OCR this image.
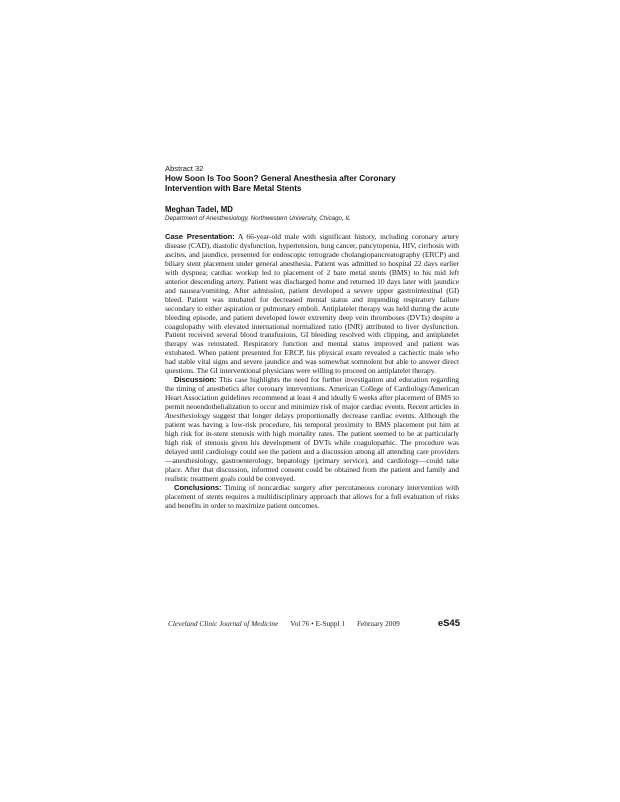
Abstract 32
How Soon Is Too Soon? General Anesthesia after Coronary
Intervention with Bare Metal Stents
Meghan Tadel, MD
Department of Anesthesiology, Northwestern University, Chicago, IL

Case Presentation: A 66-year-old male with significant history, including coronary artery disease (CAD), diastolic dysfunction, hypertension, lung cancer, pancytopenia, HIV, cirrhosis with ascites, and jaundice, presented for endoscopic retrograde cholangiopancreatography (ERCP) and biliary stent placement under general anesthesia. Patient was admitted to hospital 22 days earlier with dyspnea; cardiac workup led to placement of 2 bare metal stents (BMS) to his mid left anterior descending artery. Patient was discharged home and returned 10 days later with jaundice and nausea/vomiting. After admission, patient developed a severe upper gastrointestinal (GI) bleed. Patient was intubated for decreased mental status and impending respiratory failure secondary to either aspiration or pulmonary emboli. Antiplatelet therapy was held during the acute bleeding episode, and patient developed lower extremity deep vein thromboses (DVTs) despite a coagulopathy with elevated international normalized ratio (INR) attributed to liver dysfunction. Patient received several blood transfusions, GI bleeding resolved with clipping, and antiplatelet therapy was reinstated. Respiratory function and mental status improved and patient was extubated. When patient presented for ERCP, his physical exam revealed a cachectic male who had stable vital signs and severe jaundice and was somewhat somnolent but able to answer direct questions. The GI interventional physicians were willing to proceed on antiplatelet therapy.

Discussion: This case highlights the need for further investigation and education regarding the timing of anesthetics after coronary interventions. American College of Cardiology/American Heart Association guidelines recommend at least 4 and ideally 6 weeks after placement of BMS to permit neoendothelialization to occur and minimize risk of major cardiac events. Recent articles in Anesthesiology suggest that longer delays proportionally decrease cardiac events. Although the patient was having a low-risk procedure, his temporal proximity to BMS placement put him at high risk for in-stent stenosis with high mortality rates. The patient seemed to be at particularly high risk of stenosis given his development of DVTs while coagulopathic. The procedure was delayed until cardiology could see the patient and a discussion among all attending care providers—anesthesiology, gastroenterology, hepatology (primary service), and cardiology—could take place. After that discussion, informed consent could be obtained from the patient and family and realistic treatment goals could be conveyed.

Conclusions: Timing of noncardiac surgery after percutaneous coronary intervention with placement of stents requires a multidisciplinary approach that allows for a full evaluation of risks and benefits in order to maximize patient outcomes.

Cleveland Clinic Journal of Medicine Vol 76 • E-Suppl 1 February 2009	eS45
